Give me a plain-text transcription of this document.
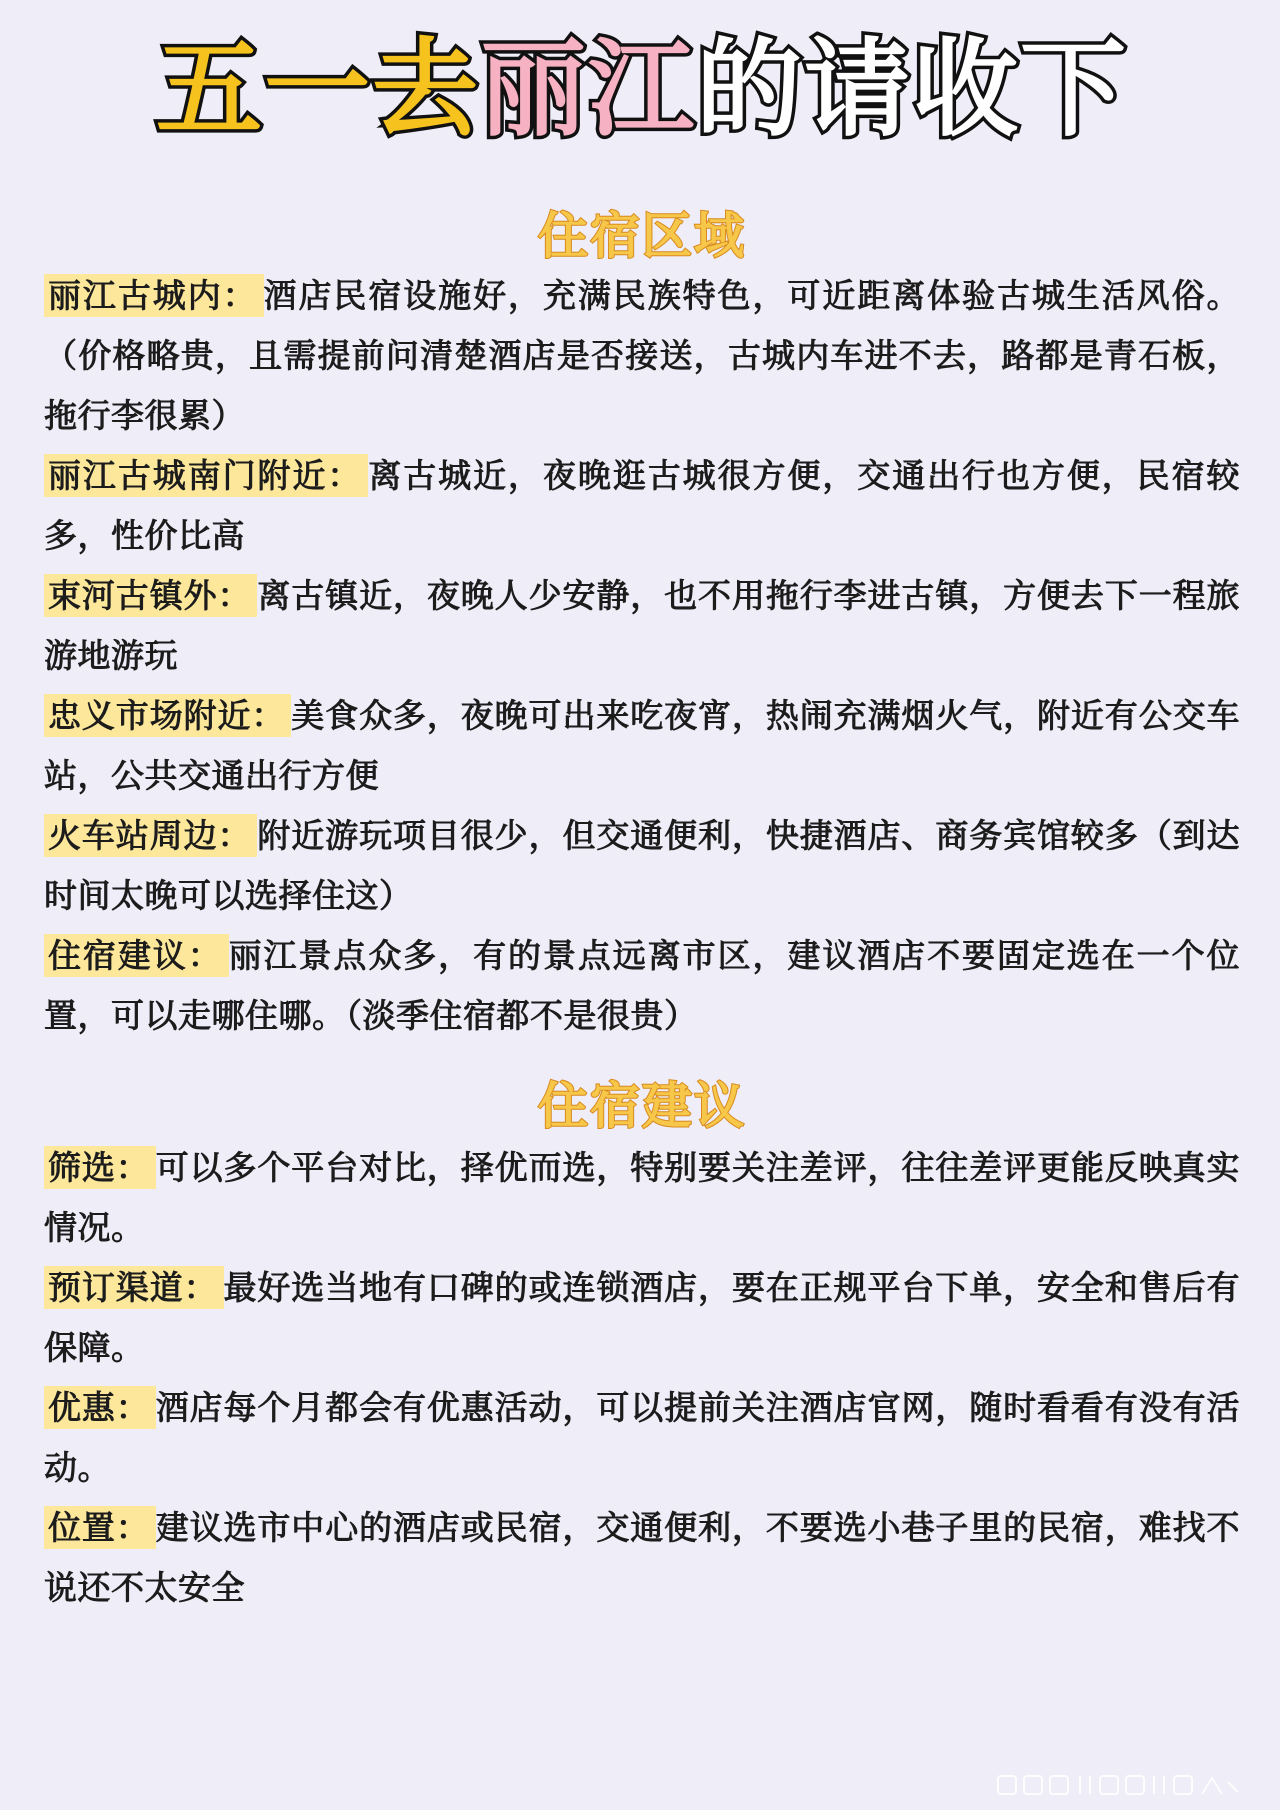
五一去丽江的请收下
住宿区域

丽江古城内： 酒店民宿设施好，充满民族特色，可近距离体验古城生活风俗。（价格略贵，且需提前问清楚酒店是否接送，古城内车进不去，路都是青石板，拖行李很累）

丽江古城南门附近： 离古城近，夜晚逛古城很方便，交通出行也方便，民宿较多，性价比高

束河古镇外： 离古镇近，夜晚人少安静，也不用拖行李进古镇，方便去下一程旅游地游玩

忠义市场附近： 美食众多，夜晚可出来吃夜宵，热闹充满烟火气，附近有公交车站，公共交通出行方便

火车站周边： 附近游玩项目很少，但交通便利，快捷酒店、商务宾馆较多（到达时间太晚可以选择住这）

住宿建议： 丽江景点众多，有的景点远离市区，建议酒店不要固定选在一个位置，可以走哪住哪。（淡季住宿都不是很贵）

住宿建议

筛选： 可以多个平台对比，择优而选，特别要关注差评，往往差评更能反映真实情况。

预订渠道： 最好选当地有口碑的或连锁酒店，要在正规平台下单，安全和售后有保障。

优惠： 酒店每个月都会有优惠活动，可以提前关注酒店官网，随时看看有没有活动。

位置： 建议选市中心的酒店或民宿，交通便利，不要选小巷子里的民宿，难找不说还不太安全
